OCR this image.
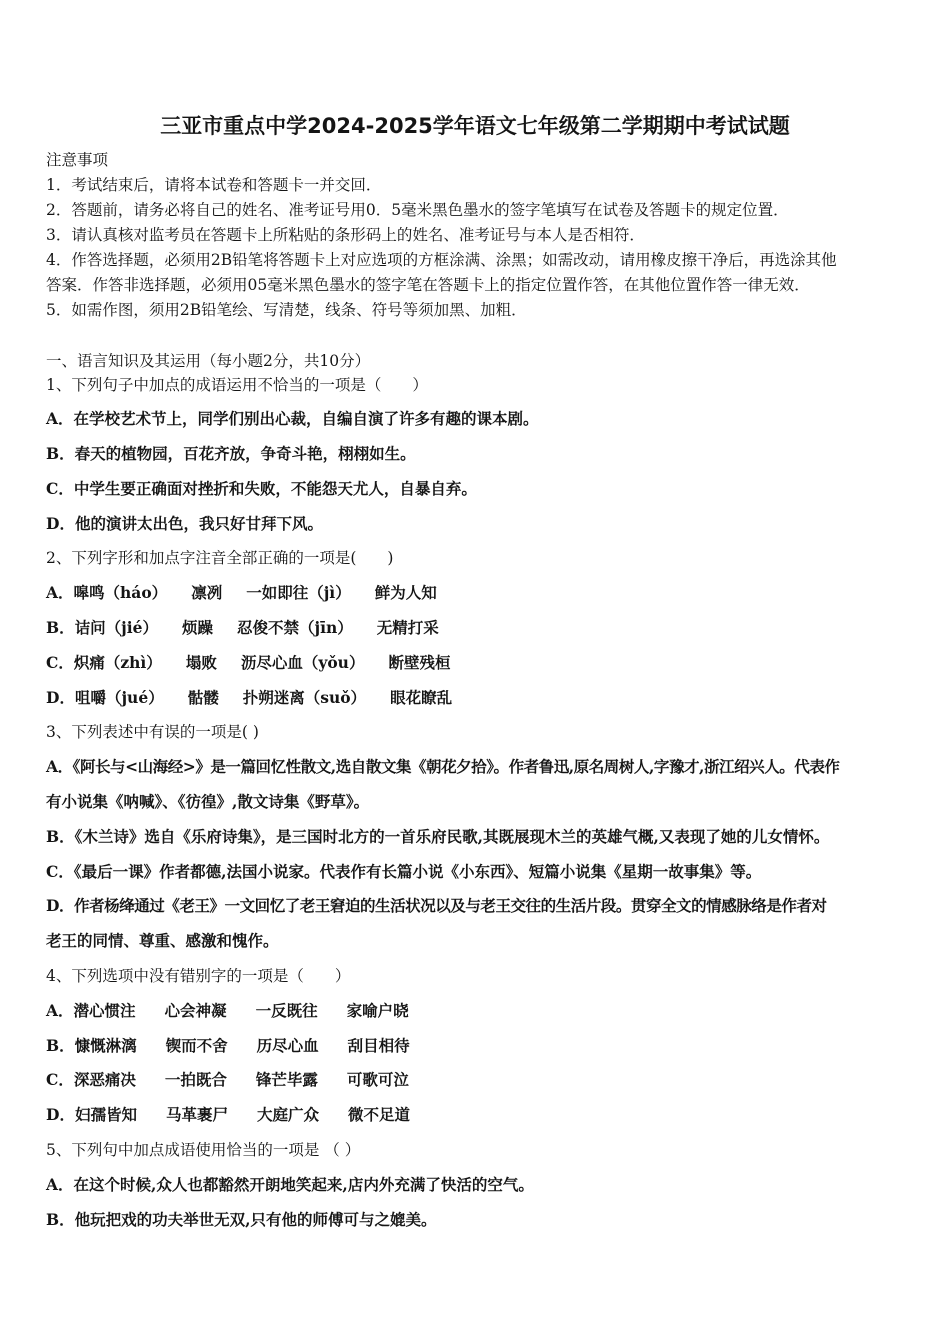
三亚市重点中学2024-2025学年语文七年级第二学期期中考试试题
注意事项
1．考试结束后，请将本试卷和答题卡一并交回．
2．答题前，请务必将自己的姓名、准考证号用0．5毫米黑色墨水的签字笔填写在试卷及答题卡的规定位置．
3．请认真核对监考员在答题卡上所粘贴的条形码上的姓名、准考证号与本人是否相符．
4．作答选择题，必须用2B铅笔将答题卡上对应选项的方框涂满、涂黑；如需改动，请用橡皮擦干净后，再选涂其他
答案．作答非选择题，必须用05毫米黑色墨水的签字笔在答题卡上的指定位置作答，在其他位置作答一律无效．
5．如需作图，须用2B铅笔绘、写清楚，线条、符号等须加黑、加粗．
一、语言知识及其运用（每小题2分，共10分）
1、下列句子中加点的成语运用不恰当的一项是（　　）
A．在学校艺术节上，同学们别出心裁，自编自演了许多有趣的课本剧。
B．春天的植物园，百花齐放，争奇斗艳，栩栩如生。
C．中学生要正确面对挫折和失败，不能怨天尤人，自暴自弃。
D．他的演讲太出色，我只好甘拜下风。
2、下列字形和加点字注音全部正确的一项是(　　)
A．嗥鸣（háo） 凛冽 一如即往（jì） 鲜为人知
B．诘问（jié） 烦躁 忍俊不禁（jīn） 无精打采
C．炽痛（zhì） 塌败 沥尽心血（yǒu） 断壁残桓
D．咀嚼（jué） 骷髅 扑朔迷离（suǒ） 眼花瞭乱
3、下列表述中有误的一项是( )
A．《阿长与<山海经>》是一篇回忆性散文,选自散文集《朝花夕拾》。作者鲁迅,原名周树人,字豫才,浙江绍兴人。代表作
有小说集《呐喊》、《彷徨》,散文诗集《野草》。
B．《木兰诗》选自《乐府诗集》，是三国时北方的一首乐府民歌,其既展现木兰的英雄气概,又表现了她的儿女情怀。
C．《最后一课》作者都德,法国小说家。代表作有长篇小说《小东西》、短篇小说集《星期一故事集》等。
D．作者杨绛通过《老王》一文回忆了老王窘迫的生活状况以及与老王交往的生活片段。贯穿全文的情感脉络是作者对
老王的同情、尊重、感激和愧作。
4、下列选项中没有错别字的一项是（　　）
A．潜心惯注 心会神凝 一反既往 家喻户晓
B．慷慨淋漓 锲而不舍 历尽心血 刮目相待
C．深恶痛决 一拍既合 锋芒毕露 可歌可泣
D．妇孺皆知 马革裹尸 大庭广众 微不足道
5、下列句中加点成语使用恰当的一项是 （ ）
A．在这个时候,众人也都豁然开朗地笑起来,店内外充满了快活的空气。
B．他玩把戏的功夫举世无双,只有他的师傅可与之媲美。
